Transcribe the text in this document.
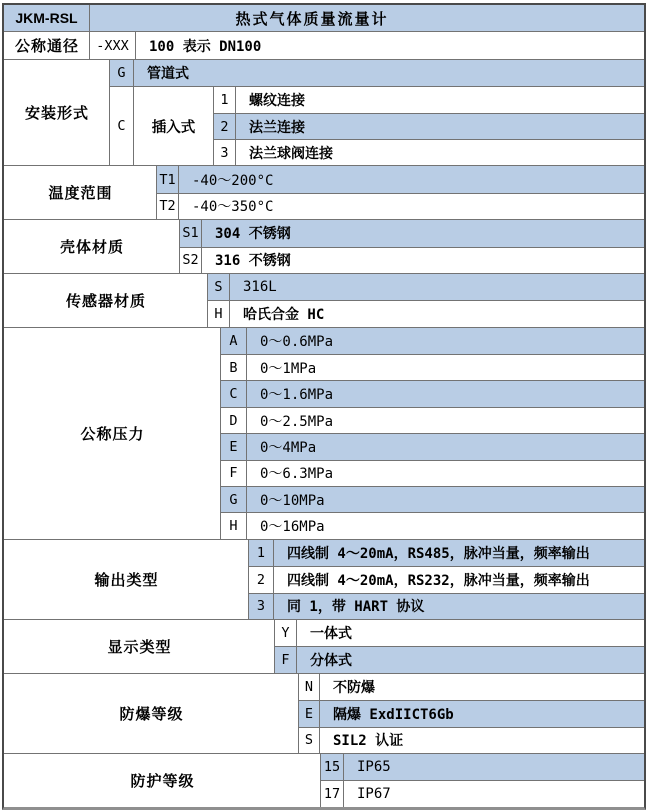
JKM-RSL	热式气体质量流量计
公称通径	-XXX	100 表示 DN100
安装形式
G	管道式
C	插入式
1	螺纹连接
2	法兰连接
3	法兰球阀连接
温度范围
T1	-40～200°C
T2	-40～350°C
壳体材质
S1	304 不锈钢
S2	316 不锈钢
传感器材质
S	316L
H	哈氏合金 HC
公称压力
A	0～0.6MPa
B	0～1MPa
C	0～1.6MPa
D	0～2.5MPa
E	0～4MPa
F	0～6.3MPa
G	0～10MPa
H	0～16MPa
输出类型
1	四线制 4～20mA，RS485，脉冲当量，频率输出
2	四线制 4～20mA，RS232，脉冲当量，频率输出
3	同 1，带 HART 协议
显示类型
Y	一体式
F	分体式
防爆等级
N	不防爆
E	隔爆 ExdIICT6Gb
S	SIL2 认证
防护等级
15	IP65
17	IP67
